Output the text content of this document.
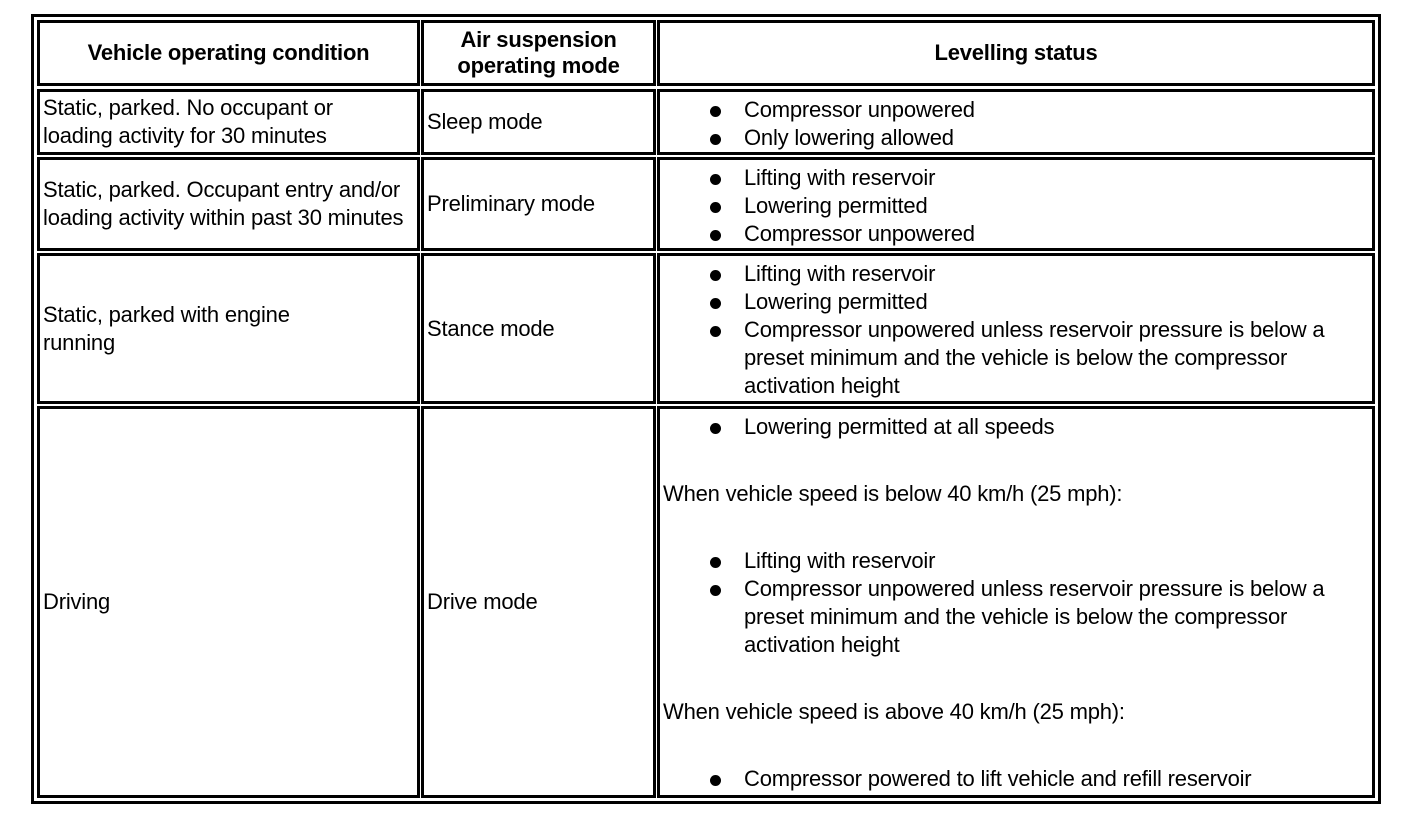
Vehicle operating condition
Air suspension operating mode
Levelling status
Static, parked. No occupant or loading activity for 30 minutes
Sleep mode	Compressor unpowered
Only lowering allowed
Static, parked. Occupant entry and/or loading activity within past 30 minutes
Preliminary mode
Lifting with reservoir
Lowering permitted
Compressor unpowered
Static, parked with engine running
Stance mode
Lifting with reservoir
Lowering permitted
Compressor unpowered unless reservoir pressure is below a preset minimum and the vehicle is below the compressor activation height
Driving	Drive mode
Lowering permitted at all speeds
When vehicle speed is below 40 km/h (25 mph):
Lifting with reservoir
Compressor unpowered unless reservoir pressure is below a preset minimum and the vehicle is below the compressor activation height
When vehicle speed is above 40 km/h (25 mph):
Compressor powered to lift vehicle and refill reservoir
